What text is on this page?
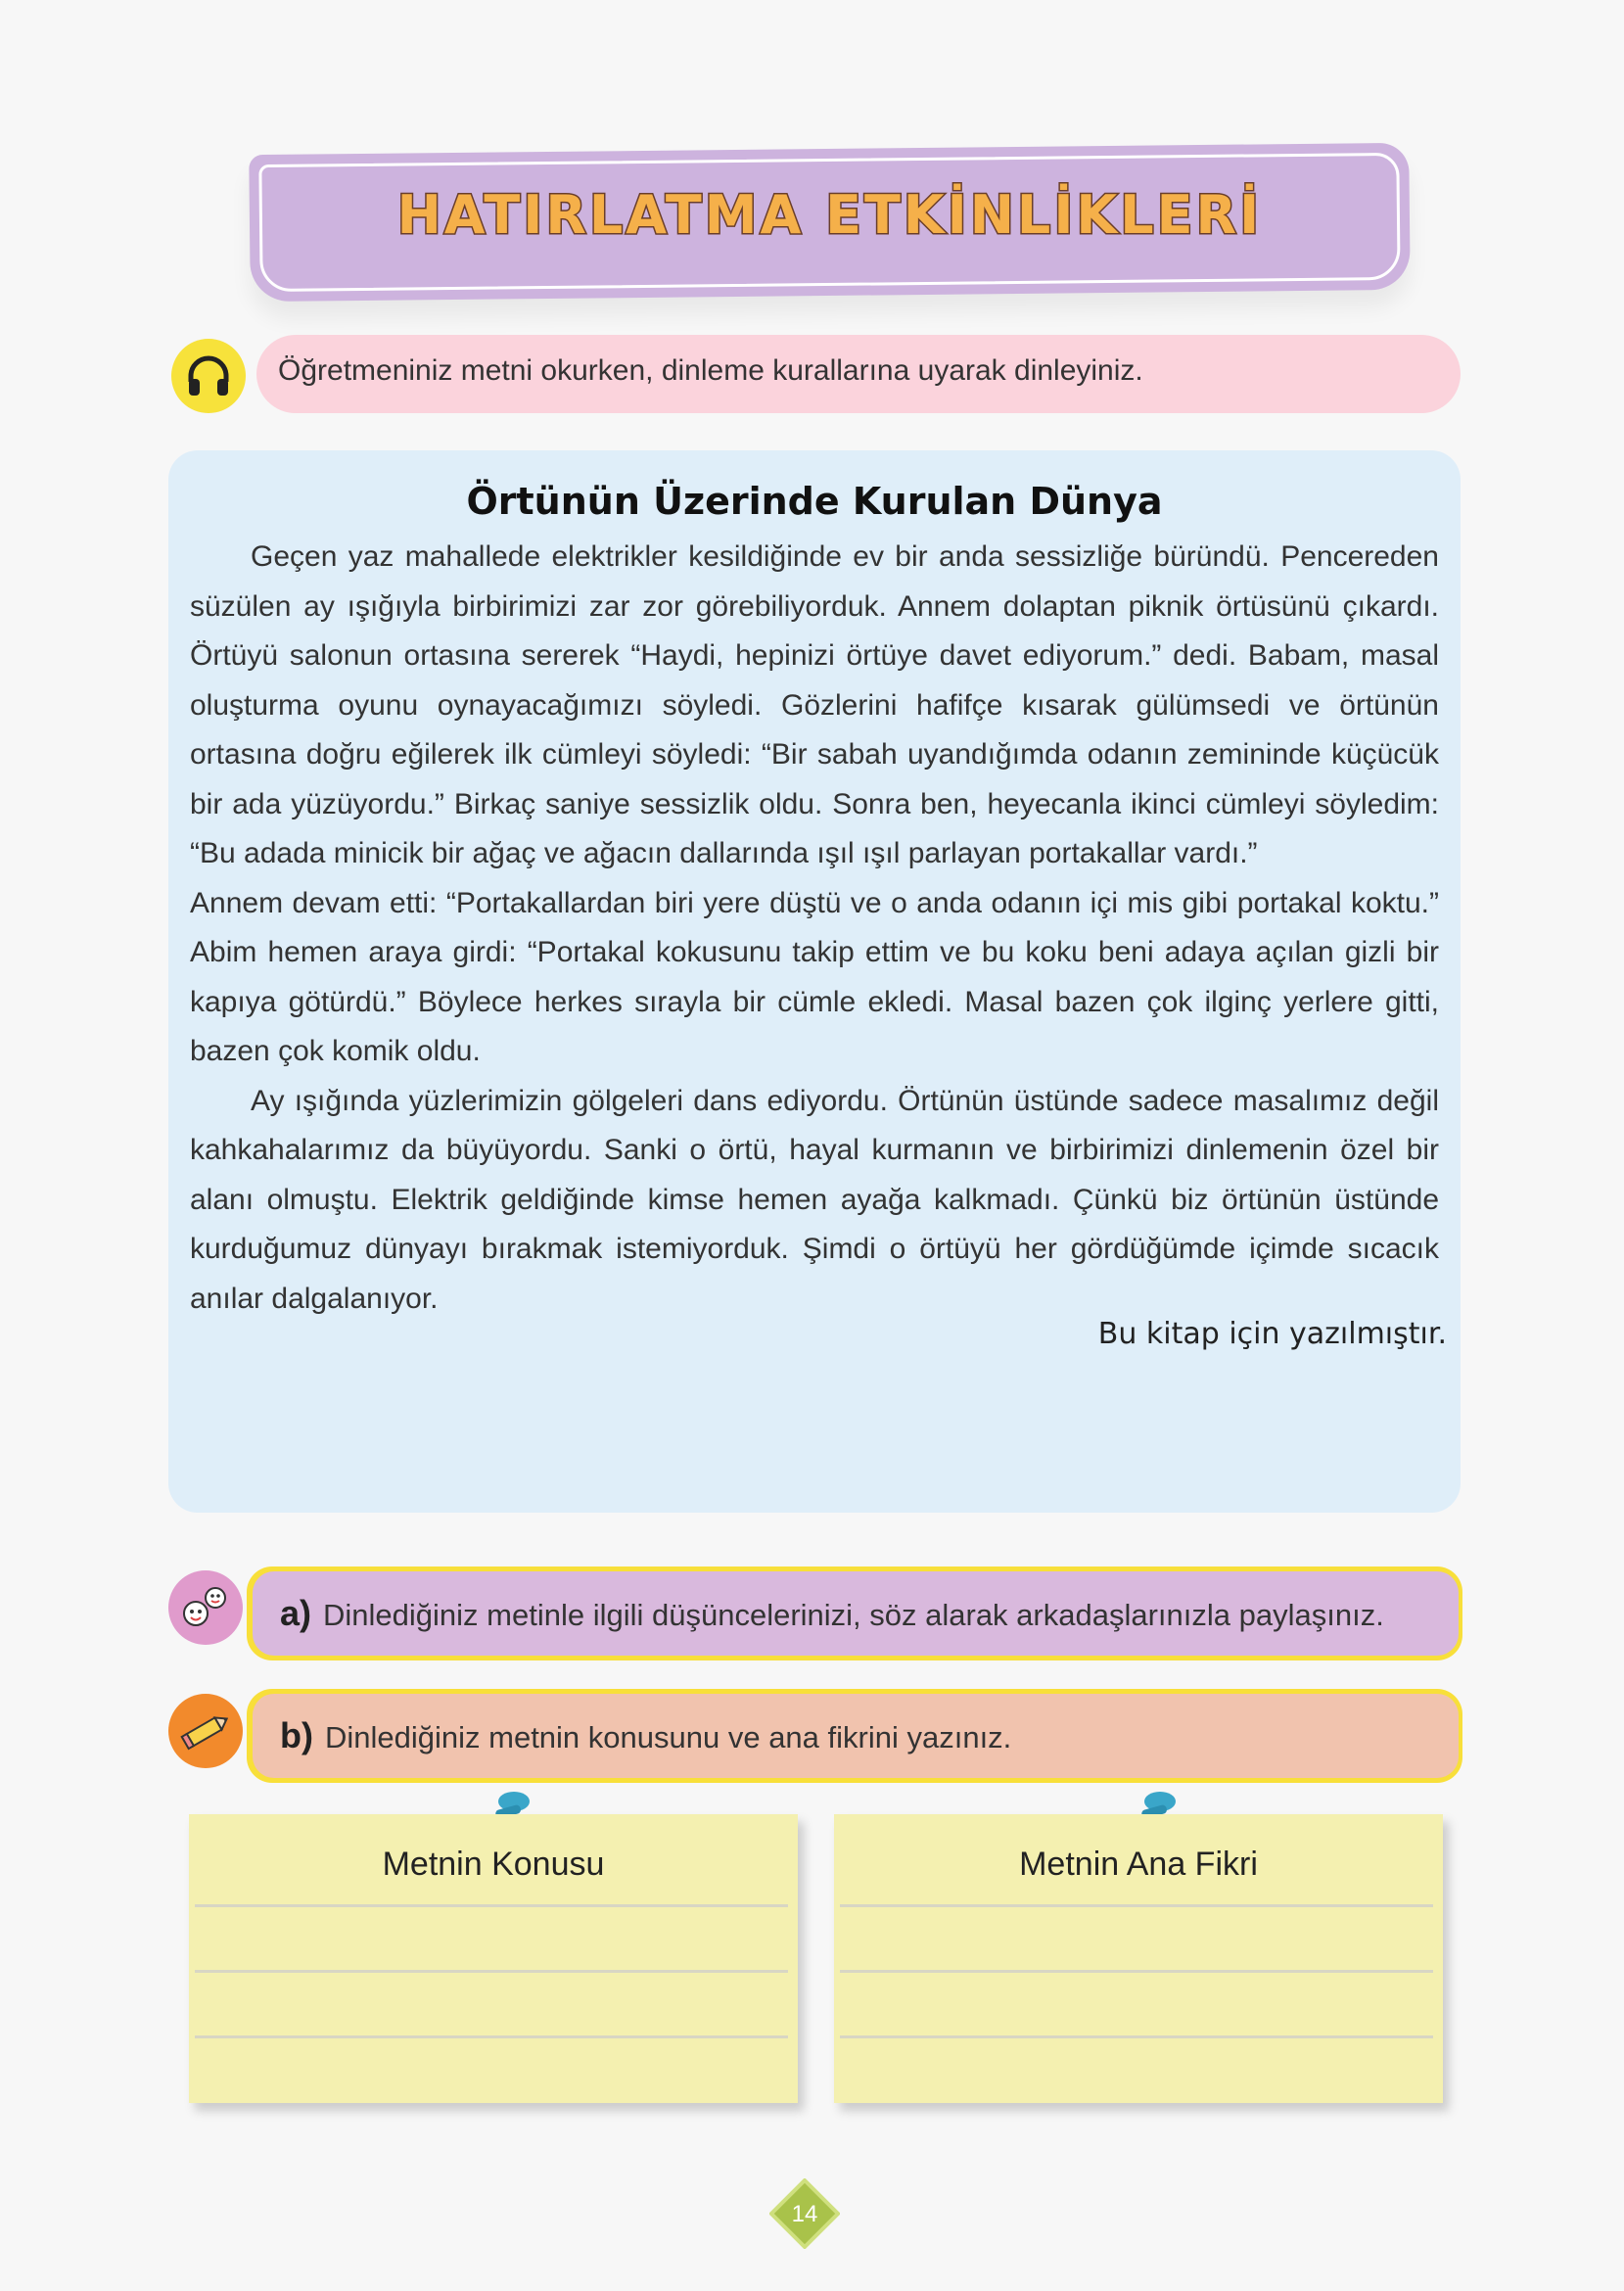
HATIRLATMA ETKİNLİKLERİ
Öğretmeniniz metni okurken, dinleme kurallarına uyarak dinleyiniz.
Örtünün Üzerinde Kurulan Dünya

Geçen yaz mahallede elektrikler kesildiğinde ev bir anda sessizliğe büründü. Pencereden süzülen ay ışığıyla birbirimizi zar zor görebiliyorduk. Annem dolaptan piknik örtüsünü çıkardı. Örtüyü salonun ortasına sererek “Haydi, hepinizi örtüye davet ediyorum.” dedi. Babam, masal oluşturma oyunu oynayacağımızı söyledi. Gözlerini hafifçe kısarak gülümsedi ve örtünün ortasına doğru eğilerek ilk cümleyi söyledi: “Bir sabah uyandığımda odanın zemininde küçücük bir ada yüzüyordu.” Birkaç saniye sessizlik oldu. Sonra ben, heyecanla ikinci cümleyi söyledim: “Bu adada minicik bir ağaç ve ağacın dallarında ışıl ışıl parlayan portakallar vardı.”

Annem devam etti: “Portakallardan biri yere düştü ve o anda odanın içi mis gibi portakal koktu.” Abim hemen araya girdi: “Portakal kokusunu takip ettim ve bu koku beni adaya açılan gizli bir kapıya götürdü.” Böylece herkes sırayla bir cümle ekledi. Masal bazen çok ilginç yerlere gitti, bazen çok komik oldu.

Ay ışığında yüzlerimizin gölgeleri dans ediyordu. Örtünün üstünde sadece masalımız değil kahkahalarımız da büyüyordu. Sanki o örtü, hayal kurmanın ve birbirimizi dinlemenin özel bir alanı olmuştu. Elektrik geldiğinde kimse hemen ayağa kalkmadı. Çünkü biz örtünün üstünde kurduğumuz dünyayı bırakmak istemiyorduk. Şimdi o örtüyü her gördüğümde içimde sıcacık anılar dalgalanıyor.

Bu kitap için yazılmıştır.
a) Dinlediğiniz metinle ilgili düşüncelerinizi, söz alarak arkadaşlarınızla paylaşınız.
b) Dinlediğiniz metnin konusunu ve ana fikrini yazınız.
Metnin Konusu	Metnin Ana Fikri
14
